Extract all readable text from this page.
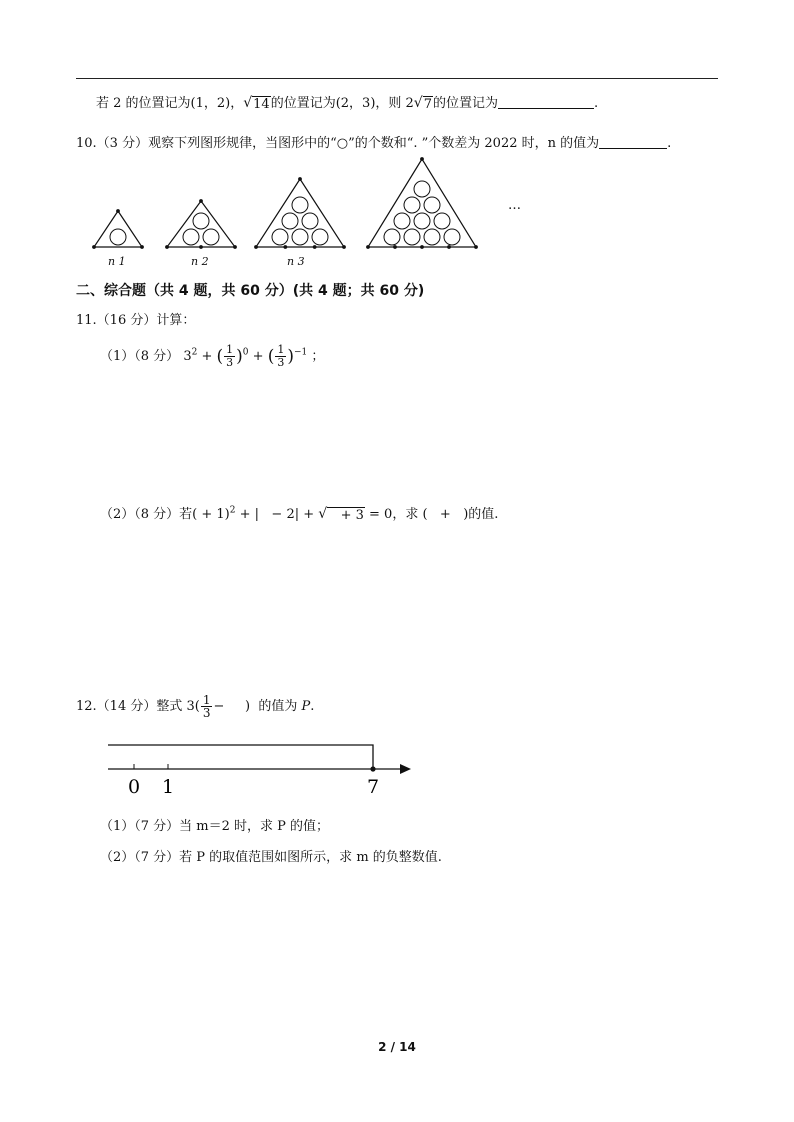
若 2 的位置记为(1，2)， √ 14 的位置记为(2，3)，则 2 √ 7 的位置记为	.
10.（3 分）观察下列图形规律，当图形中的“○”的个数和“. ”个数差为 2022 时，n 的值为	.
…
n 1	n 2	n 3
二、综合题（共 4 题，共 60 分）(共 4 题；共 60 分)
11.（16 分）计算：
（1）（8 分） $3^2$ + ( $\frac{1}{3} )^0$ + ( $\frac{1}{3} )^{-1}$ ；
（2）（8 分）若( + 1)$^2$ + |   − 2| + √ + 3 = 0，求 (   +   )的值.
12.（14 分）整式 $3( \frac{1}{3}$ −     )  的值为 P.
0 1	7
（1）（7 分）当 m＝2 时，求 P 的值；
（2）（7 分）若 P 的取值范围如图所示，求 m 的负整数值.
2 / 14
